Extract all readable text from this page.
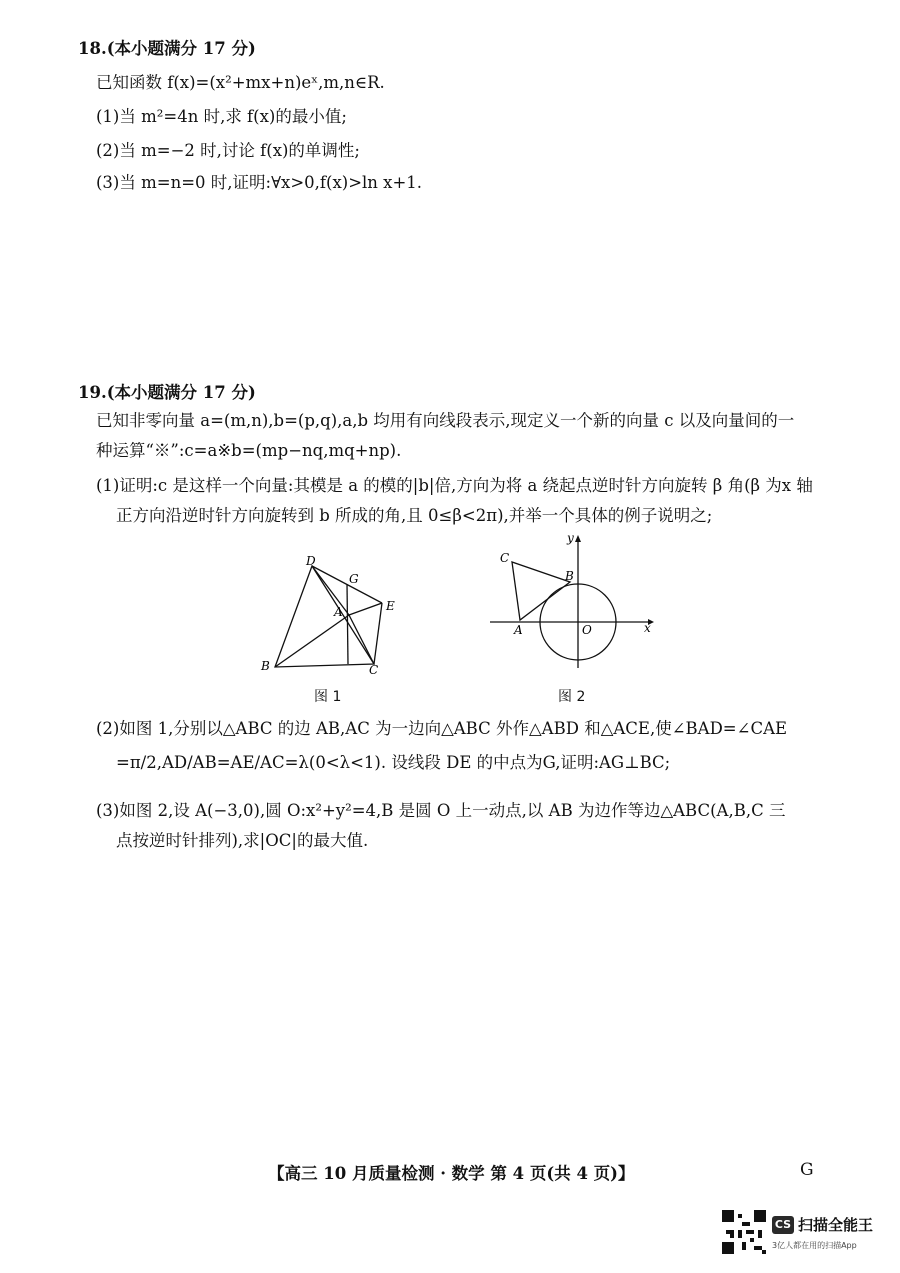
18.(本小题满分 17 分)
已知函数 f(x)=(x²+mx+n)eˣ,m,n∈R.
(1)当 m²=4n 时,求 f(x)的最小值;
(2)当 m=−2 时,讨论 f(x)的单调性;
(3)当 m=n=0 时,证明:∀x>0,f(x)>ln x+1.
19.(本小题满分 17 分)
已知非零向量 a=(m,n),b=(p,q),a,b 均用有向线段表示,现定义一个新的向量 c 以及向量间的一
种运算“※”:c=a※b=(mp−nq,mq+np).
(1)证明:c 是这样一个向量:其模是 a 的模的|b|倍,方向为将 a 绕起点逆时针方向旋转 β 角(β 为x 轴
正方向沿逆时针方向旋转到 b 所成的角,且 0≤β<2π),并举一个具体的例子说明之;
D
G
A	E
B	C
图 1
C
B
A	O	x
y
图 2
(2)如图 1,分别以△ABC 的边 AB,AC 为一边向△ABC 外作△ABD 和△ACE,使∠BAD=∠CAE
=π/2,AD/AB=AE/AC=λ(0<λ<1). 设线段 DE 的中点为G,证明:AG⊥BC;
(3)如图 2,设 A(−3,0),圆 O:x²+y²=4,B 是圆 O 上一动点,以 AB 为边作等边△ABC(A,B,C 三
点按逆时针排列),求|OC|的最大值.
【高三 10 月质量检测 · 数学 第 4 页(共 4 页)】	G
CS 扫描全能王
3亿人都在用的扫描App
